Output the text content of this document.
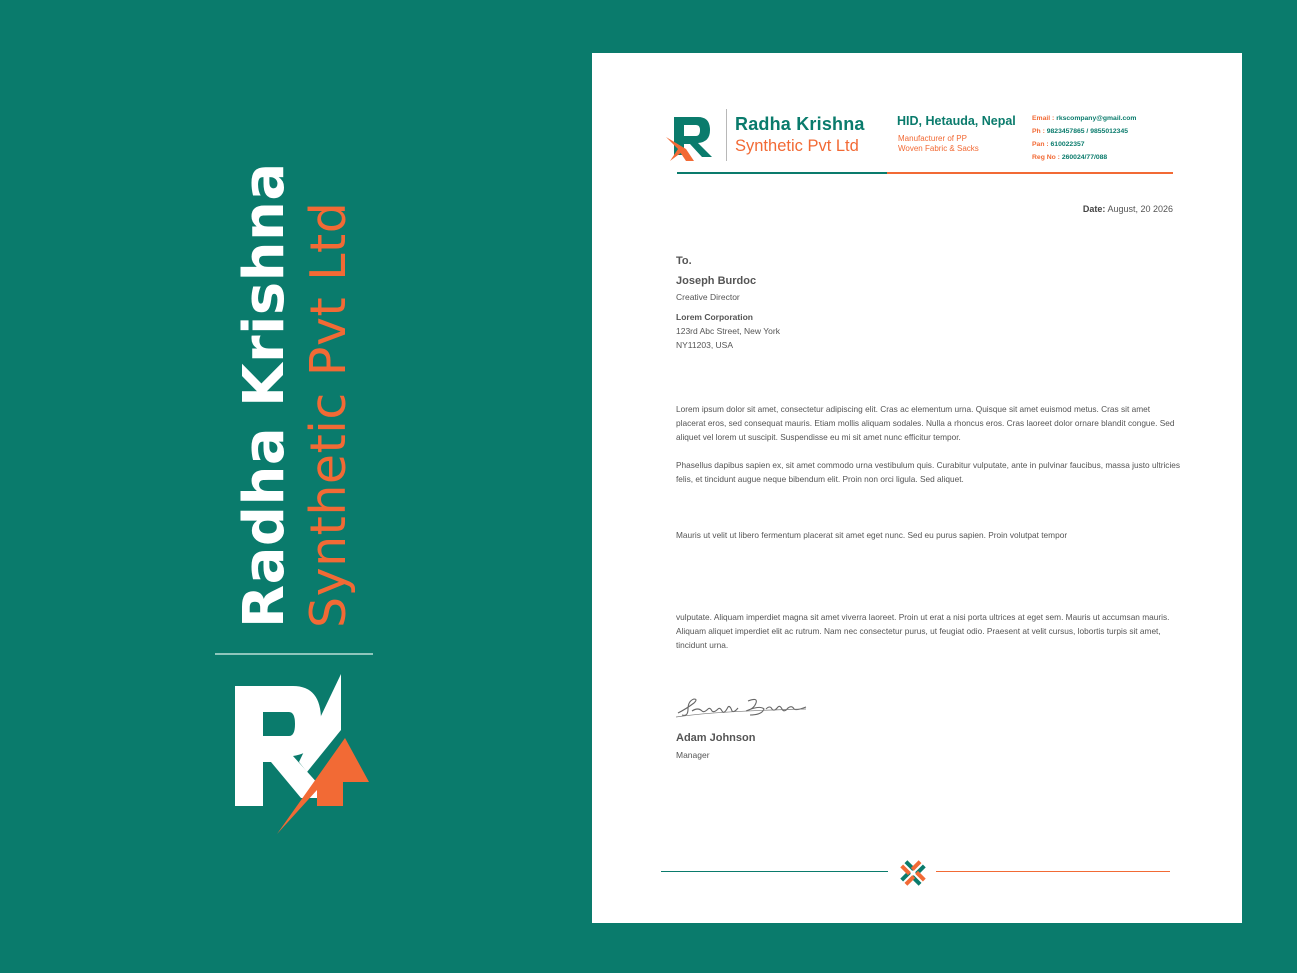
Radha Krishna Synthetic Pvt Ltd
Radha Krishna
Synthetic Pvt Ltd
HID, Hetauda, Nepal
Manufacturer of PP
Woven Fabric & Sacks
Email : rkscompany@gmail.com
Ph : 9823457865 / 9855012345
Pan : 610022357
Reg No : 260024/77/088
Date: August, 20 2026
To.
Joseph Burdoc
Creative Director
Lorem Corporation
123rd Abc Street, New York
NY11203, USA
Lorem ipsum dolor sit amet, consectetur adipiscing elit. Cras ac elementum urna. Quisque sit amet euismod metus. Cras sit amet placerat eros, sed consequat mauris. Etiam mollis aliquam sodales. Nulla a rhoncus eros. Cras laoreet dolor ornare blandit congue. Sed aliquet vel lorem ut suscipit. Suspendisse eu mi sit amet nunc efficitur tempor.
Phasellus dapibus sapien ex, sit amet commodo urna vestibulum quis. Curabitur vulputate, ante in pulvinar faucibus, massa justo ultricies felis, et tincidunt augue neque bibendum elit. Proin non orci ligula. Sed aliquet.
Mauris ut velit ut libero fermentum placerat sit amet eget nunc. Sed eu purus sapien. Proin volutpat tempor
vulputate. Aliquam imperdiet magna sit amet viverra laoreet. Proin ut erat a nisi porta ultrices at eget sem. Mauris ut accumsan mauris. Aliquam aliquet imperdiet elit ac rutrum. Nam nec consectetur purus, ut feugiat odio. Praesent at velit cursus, lobortis turpis sit amet, tincidunt urna.
Adam Johnson
Manager
